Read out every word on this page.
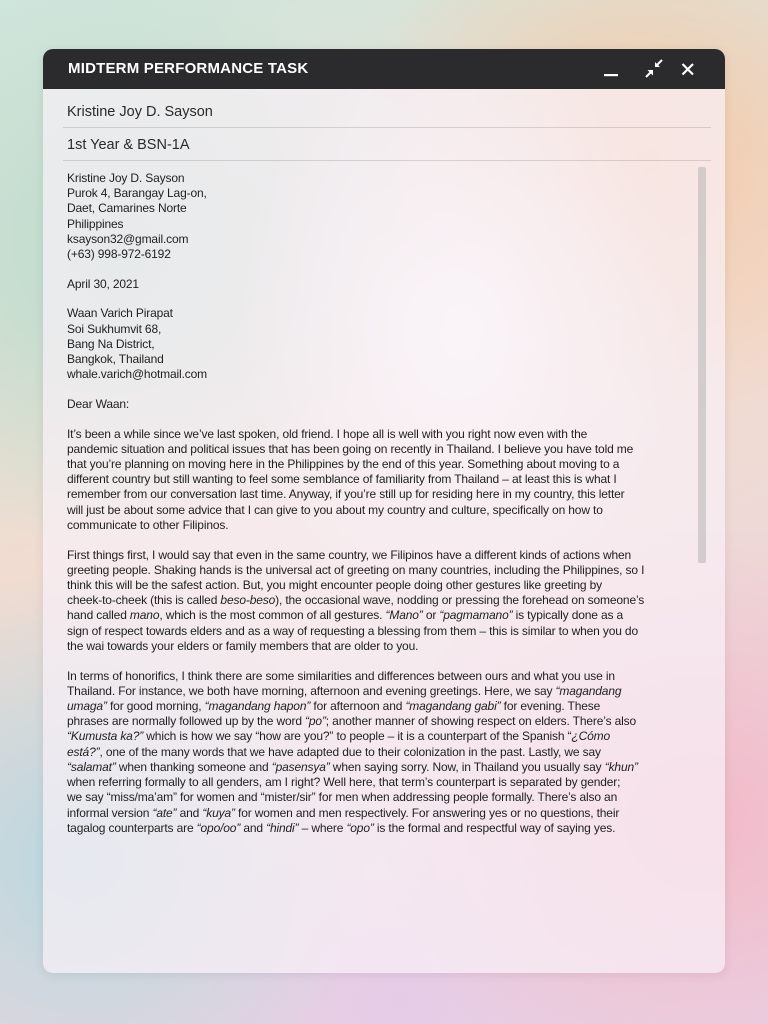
MIDTERM PERFORMANCE TASK
Kristine Joy D. Sayson
1st Year & BSN-1A
Kristine Joy D. Sayson
Purok 4, Barangay Lag-on,
Daet, Camarines Norte
Philippines
ksayson32@gmail.com
(+63) 998-972-6192
April 30, 2021
Waan Varich Pirapat
Soi Sukhumvit 68,
Bang Na District,
Bangkok, Thailand
whale.varich@hotmail.com
Dear Waan:
It’s been a while since we’ve last spoken, old friend. I hope all is well with you right now even with the
pandemic situation and political issues that has been going on recently in Thailand. I believe you have told me
that you’re planning on moving here in the Philippines by the end of this year. Something about moving to a
different country but still wanting to feel some semblance of familiarity from Thailand – at least this is what I
remember from our conversation last time. Anyway, if you’re still up for residing here in my country, this letter
will just be about some advice that I can give to you about my country and culture, specifically on how to
communicate to other Filipinos.
First things first, I would say that even in the same country, we Filipinos have a different kinds of actions when
greeting people. Shaking hands is the universal act of greeting on many countries, including the Philippines, so I
think this will be the safest action. But, you might encounter people doing other gestures like greeting by
cheek-to-cheek (this is called beso-beso), the occasional wave, nodding or pressing the forehead on someone’s
hand called mano, which is the most common of all gestures. “Mano” or “pagmamano” is typically done as a
sign of respect towards elders and as a way of requesting a blessing from them – this is similar to when you do
the wai towards your elders or family members that are older to you.
In terms of honorifics, I think there are some similarities and differences between ours and what you use in
Thailand. For instance, we both have morning, afternoon and evening greetings. Here, we say “magandang
umaga” for good morning, “magandang hapon” for afternoon and “magandang gabi” for evening. These
phrases are normally followed up by the word “po”; another manner of showing respect on elders. There’s also
“Kumusta ka?” which is how we say “how are you?” to people – it is a counterpart of the Spanish “¿Cómo
está?”, one of the many words that we have adapted due to their colonization in the past. Lastly, we say
“salamat” when thanking someone and “pasensya” when saying sorry. Now, in Thailand you usually say “khun”
when referring formally to all genders, am I right? Well here, that term’s counterpart is separated by gender;
we say “miss/ma’am” for women and “mister/sir” for men when addressing people formally. There’s also an
informal version “ate” and “kuya” for women and men respectively. For answering yes or no questions, their
tagalog counterparts are “opo/oo” and “hindi” – where “opo” is the formal and respectful way of saying yes.
